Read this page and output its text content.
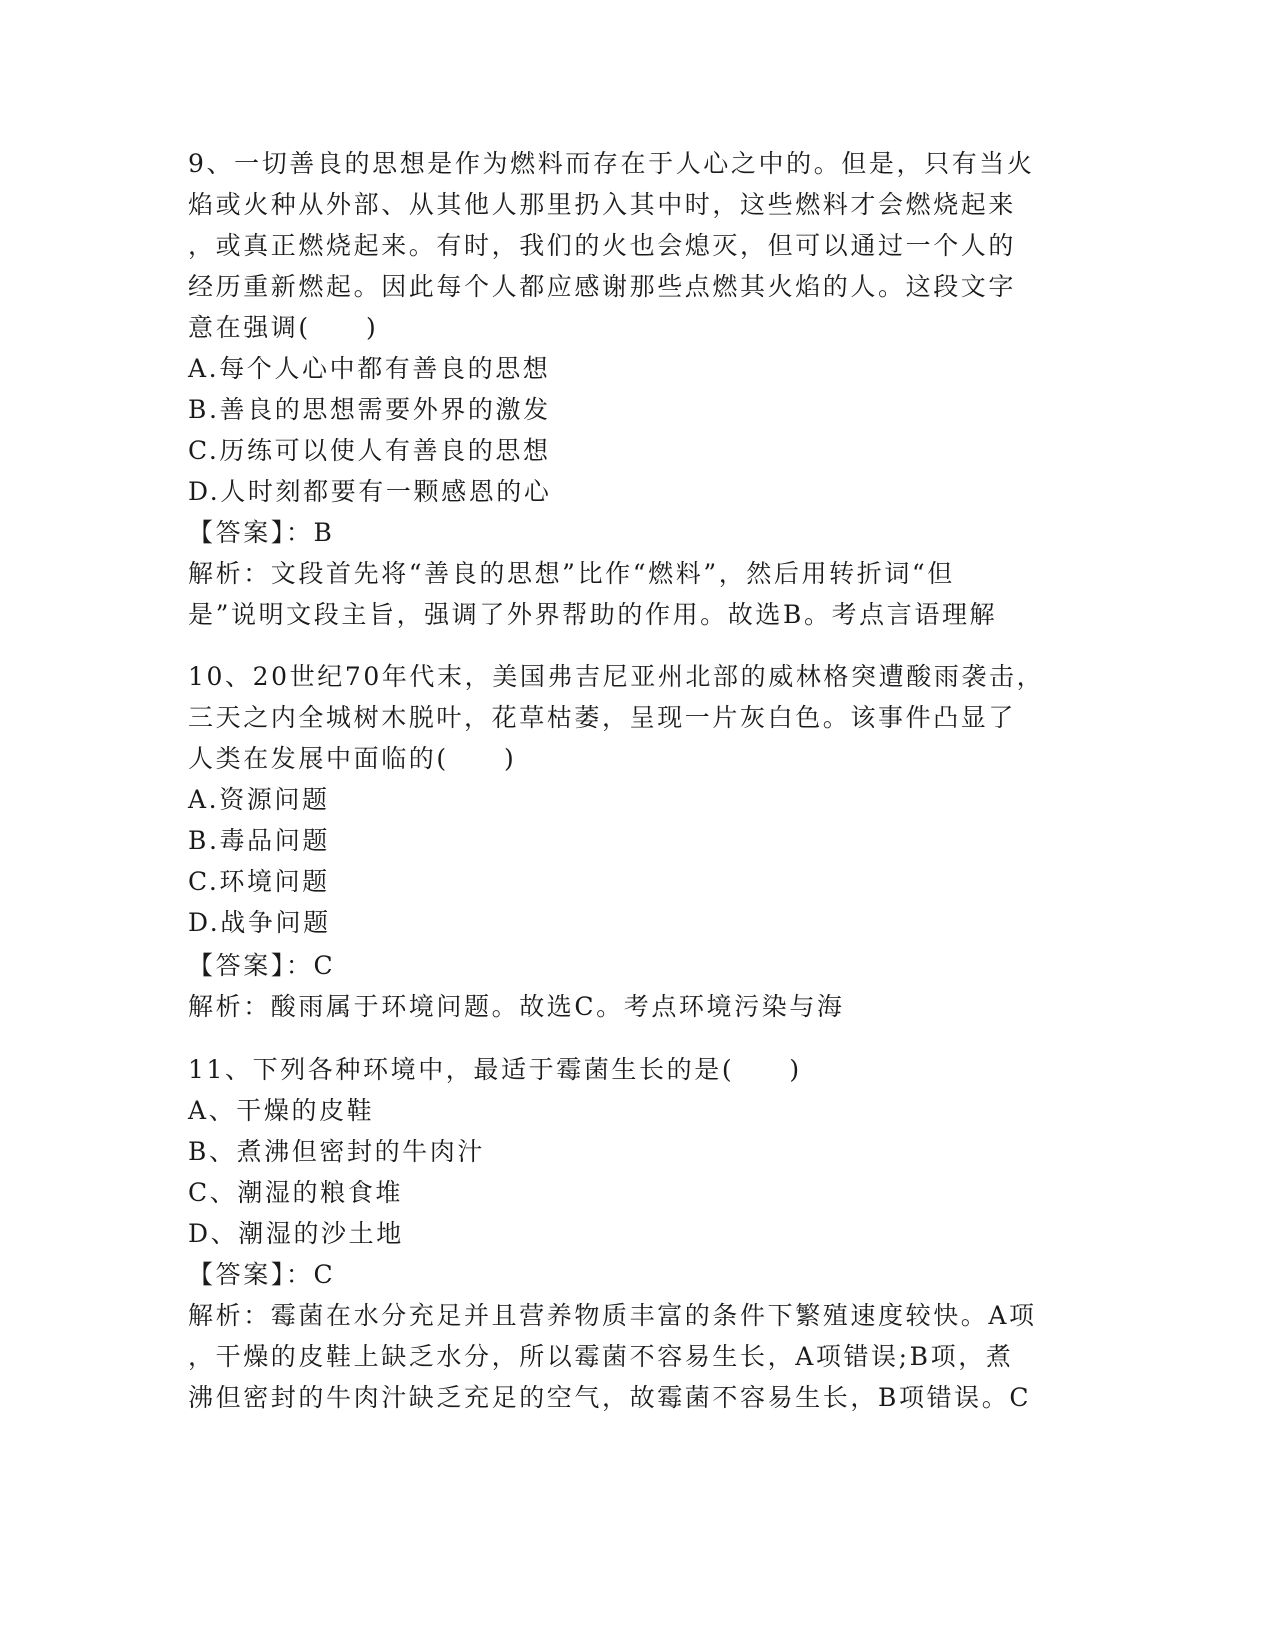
9、一切善良的思想是作为燃料而存在于人心之中的。但是，只有当火
焰或火种从外部、从其他人那里扔入其中时，这些燃料才会燃烧起来
，或真正燃烧起来。有时，我们的火也会熄灭，但可以通过一个人的
经历重新燃起。因此每个人都应感谢那些点燃其火焰的人。这段文字
意在强调(　　)
A.每个人心中都有善良的思想
B.善良的思想需要外界的激发
C.历练可以使人有善良的思想
D.人时刻都要有一颗感恩的心
【答案】：B
解析：文段首先将“善良的思想”比作“燃料”，然后用转折词“但
是”说明文段主旨，强调了外界帮助的作用。故选B。考点言语理解
10、20世纪70年代末，美国弗吉尼亚州北部的威林格突遭酸雨袭击，
三天之内全城树木脱叶，花草枯萎，呈现一片灰白色。该事件凸显了
人类在发展中面临的(　　)
A.资源问题
B.毒品问题
C.环境问题
D.战争问题
【答案】：C
解析：酸雨属于环境问题。故选C。考点环境污染与海
11、下列各种环境中，最适于霉菌生长的是(　　)
A、干燥的皮鞋
B、煮沸但密封的牛肉汁
C、潮湿的粮食堆
D、潮湿的沙土地
【答案】：C
解析：霉菌在水分充足并且营养物质丰富的条件下繁殖速度较快。A项
，干燥的皮鞋上缺乏水分，所以霉菌不容易生长，A项错误;B项，煮
沸但密封的牛肉汁缺乏充足的空气，故霉菌不容易生长，B项错误。C
